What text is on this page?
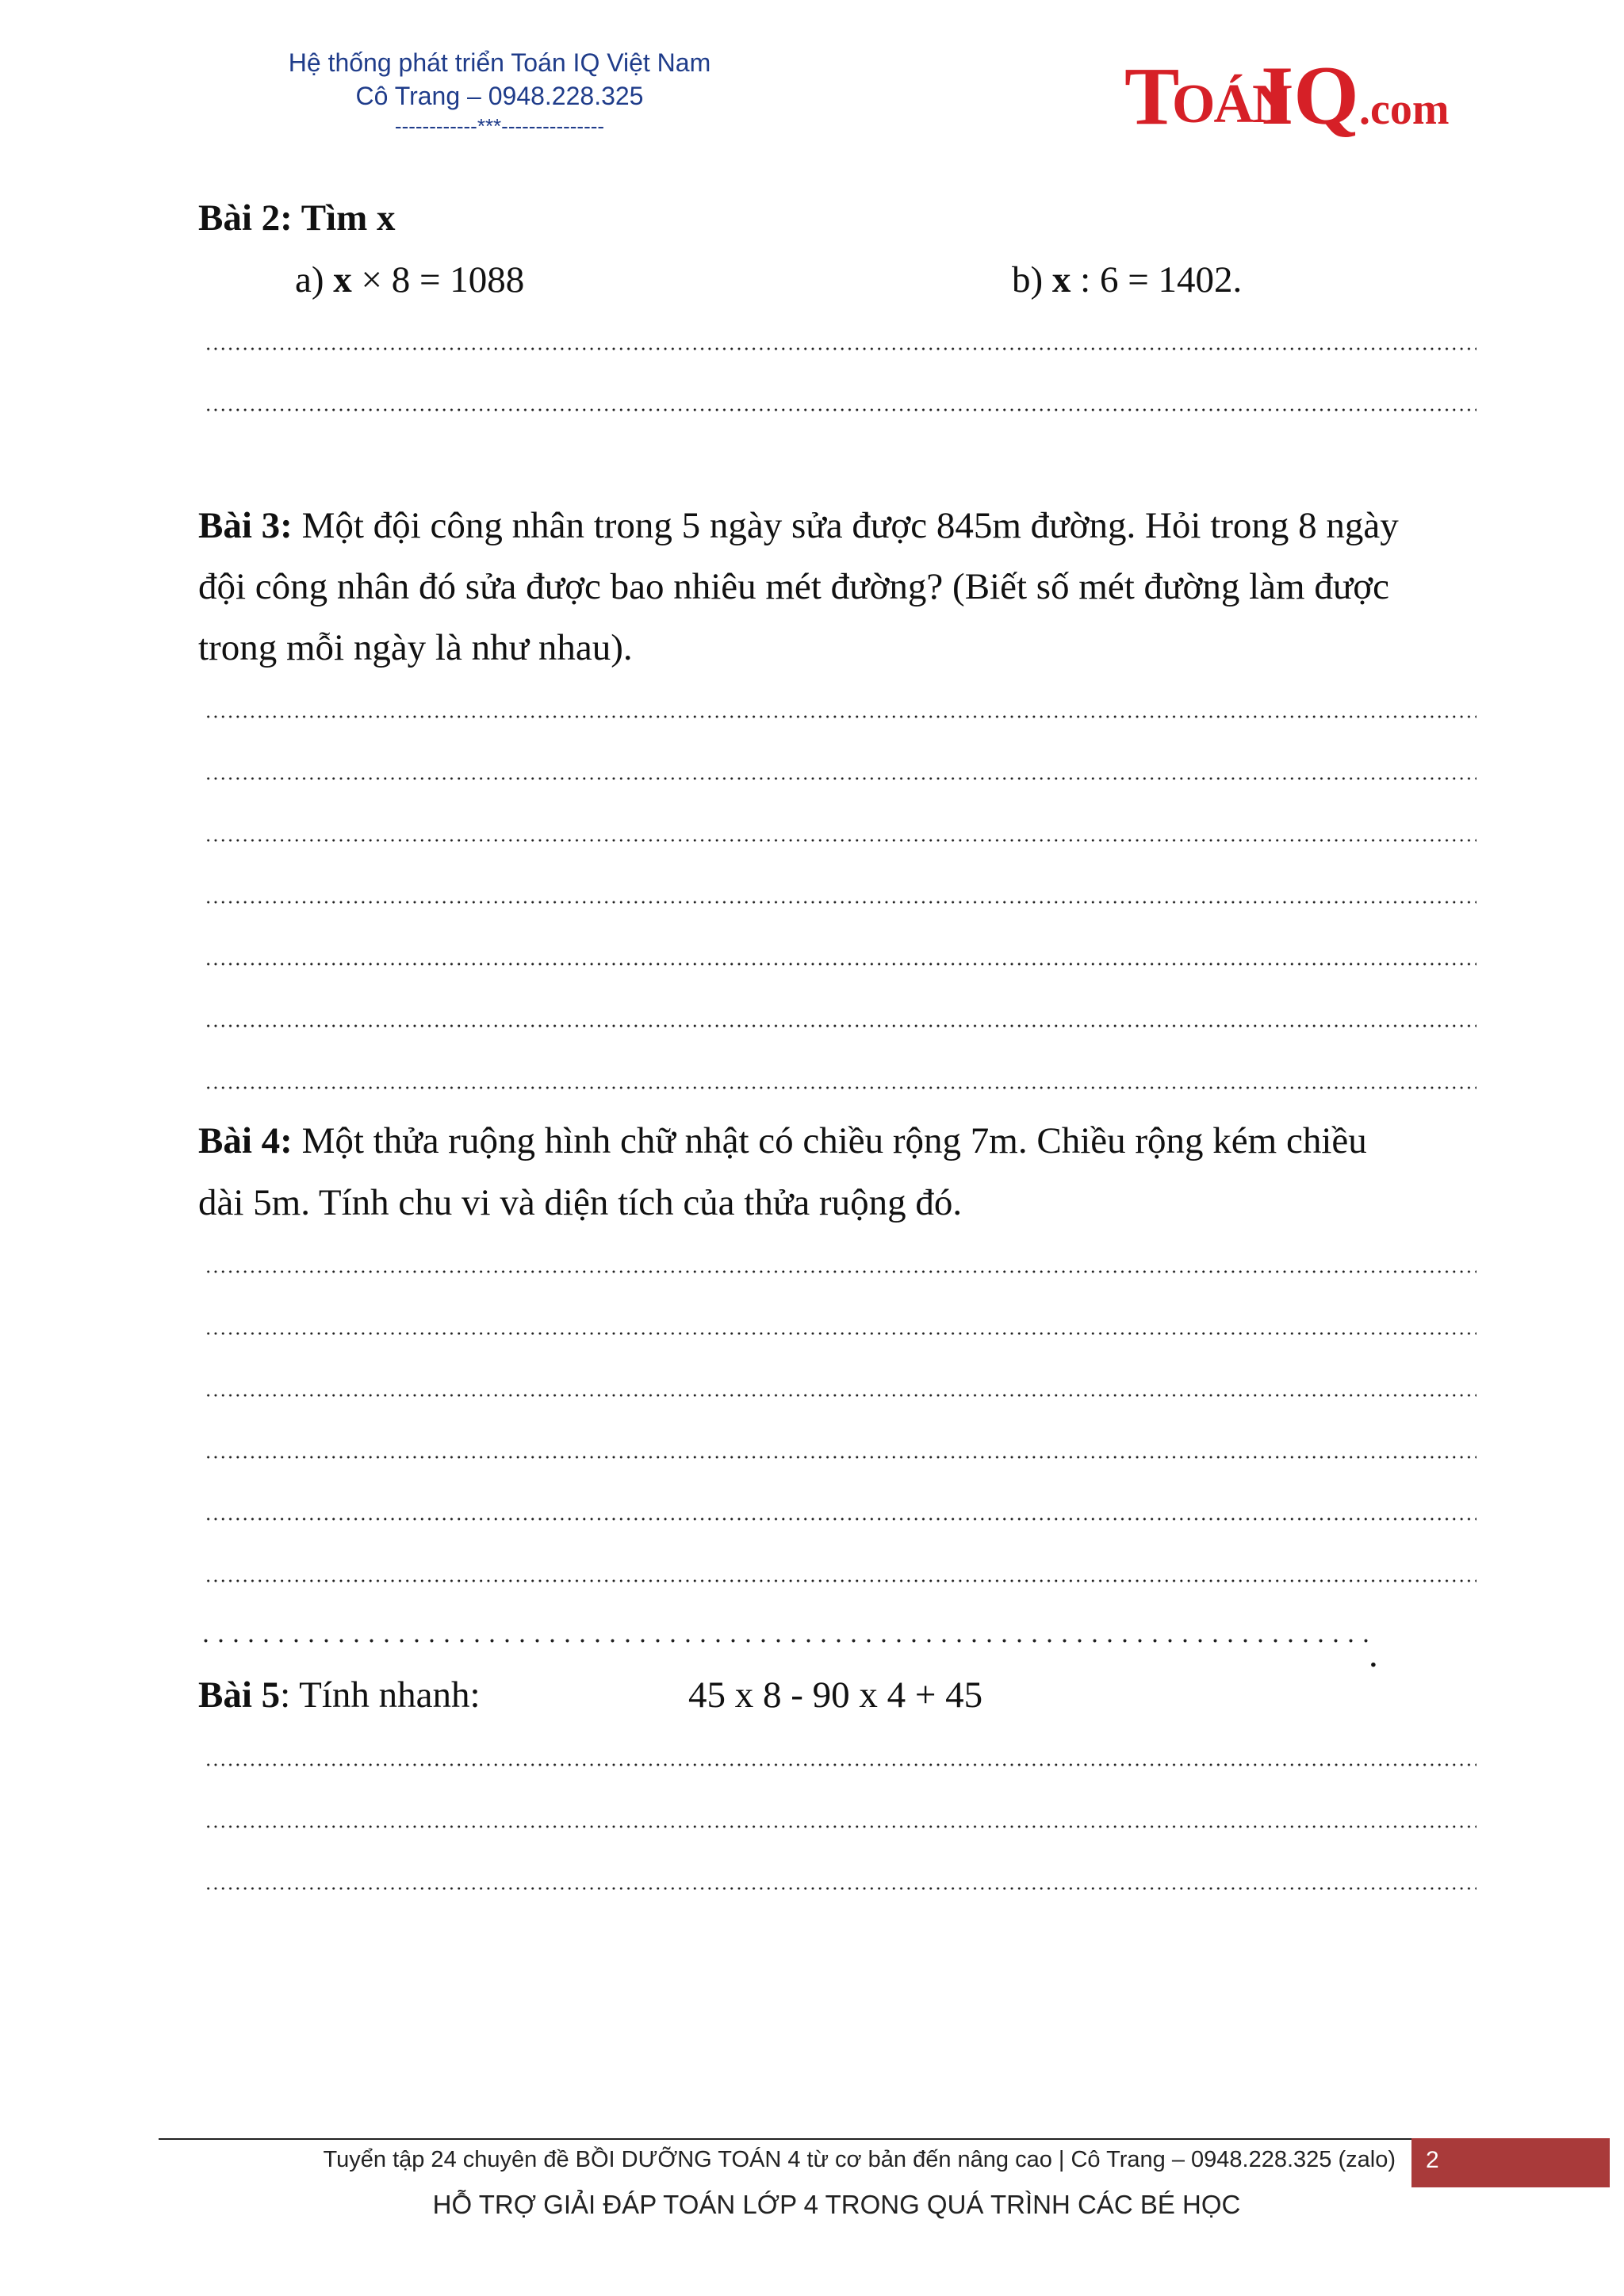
Hệ thống phát triển Toán IQ Việt Nam
Cô Trang – 0948.228.325
------------***---------------	T
OÁN
IQ .com
Bài 2: Tìm x
a) x × 8 = 1088	b) x : 6 = 1402.
Bài 3: Một đội công nhân trong 5 ngày sửa được 845m đường. Hỏi trong 8 ngày
đội công nhân đó sửa được bao nhiêu mét đường? (Biết số mét đường làm được
trong mỗi ngày là như nhau).
Bài 4: Một thửa ruộng hình chữ nhật có chiều rộng 7m. Chiều rộng kém chiều
dài 5m. Tính chu vi và diện tích của thửa ruộng đó.
.
Bài 5: Tính nhanh:	45 x 8 - 90 x 4 + 45
Tuyển tập 24 chuyên đề BỒI DƯỠNG TOÁN 4 từ cơ bản đến nâng cao | Cô Trang – 0948.228.325 (zalo) 2
HỖ TRỢ GIẢI ĐÁP TOÁN LỚP 4 TRONG QUÁ TRÌNH CÁC BÉ HỌC
